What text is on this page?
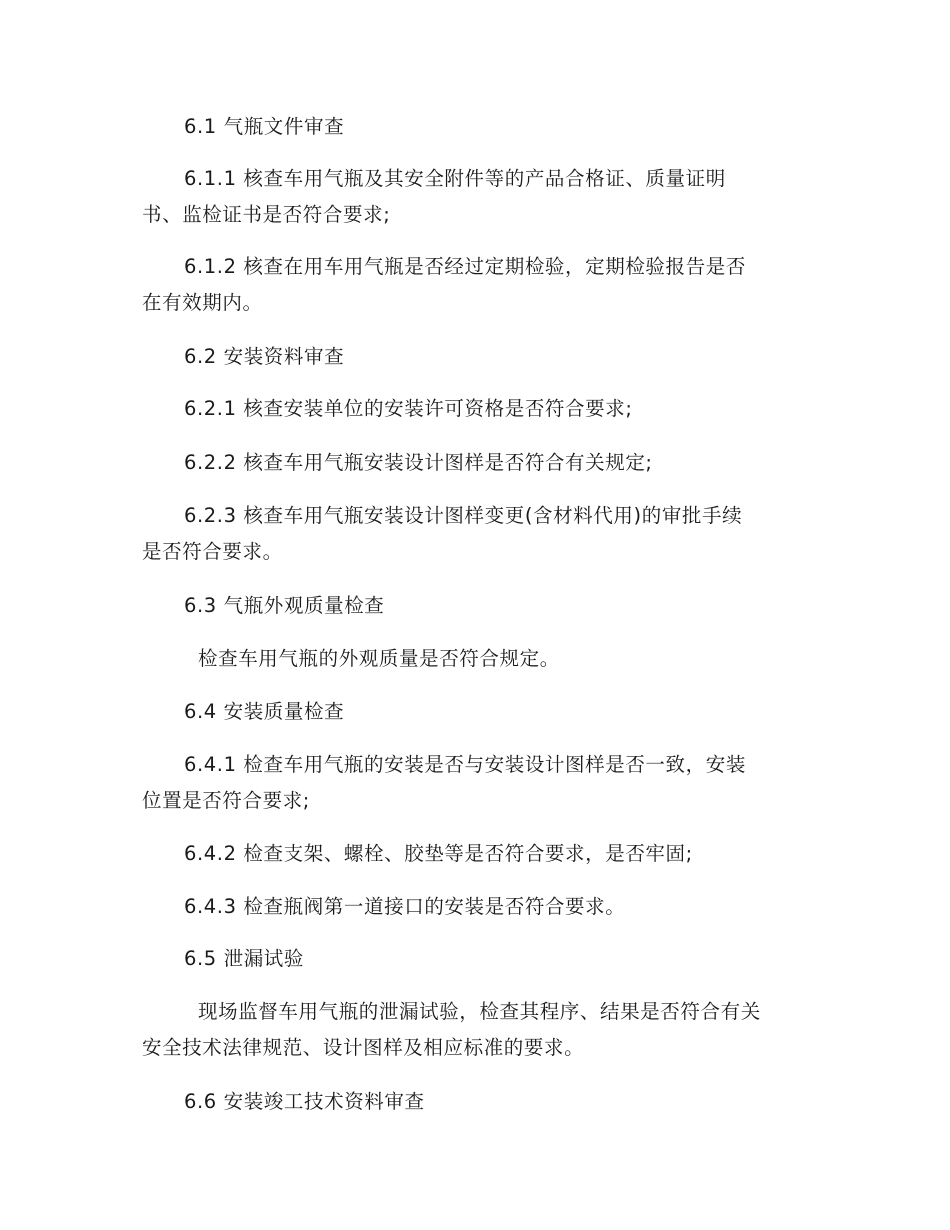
6.1 气瓶文件审查
6.1.1 核查车用气瓶及其安全附件等的产品合格证、质量证明
书、监检证书是否符合要求;
6.1.2 核查在用车用气瓶是否经过定期检验，定期检验报告是否
在有效期内。
6.2 安装资料审查
6.2.1 核查安装单位的安装许可资格是否符合要求;
6.2.2 核查车用气瓶安装设计图样是否符合有关规定;
6.2.3 核查车用气瓶安装设计图样变更(含材料代用)的审批手续
是否符合要求。
6.3 气瓶外观质量检查
检查车用气瓶的外观质量是否符合规定。
6.4 安装质量检查
6.4.1 检查车用气瓶的安装是否与安装设计图样是否一致，安装
位置是否符合要求;
6.4.2 检查支架、螺栓、胶垫等是否符合要求，是否牢固;
6.4.3 检查瓶阀第一道接口的安装是否符合要求。
6.5 泄漏试验
现场监督车用气瓶的泄漏试验，检查其程序、结果是否符合有关
安全技术法律规范、设计图样及相应标准的要求。
6.6 安装竣工技术资料审查
